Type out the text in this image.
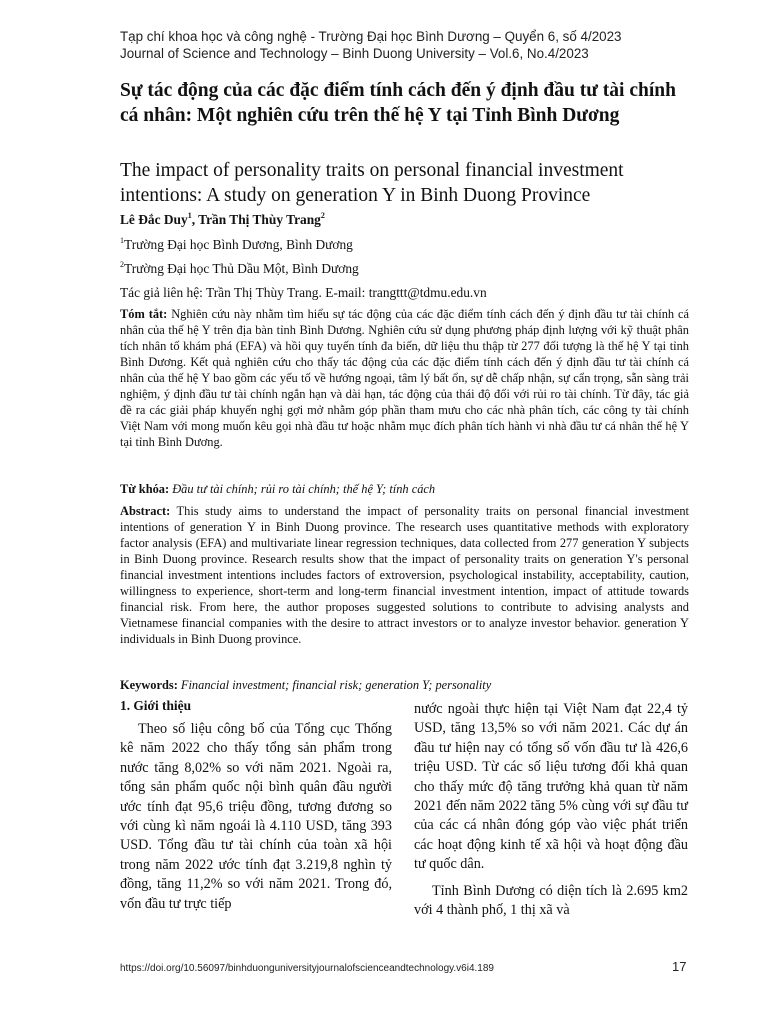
Tạp chí khoa học và công nghệ - Trường Đại học Bình Dương – Quyển 6, số 4/2023
Journal of Science and Technology – Binh Duong University – Vol.6, No.4/2023
Sự tác động của các đặc điểm tính cách đến ý định đầu tư tài chính cá nhân: Một nghiên cứu trên thế hệ Y tại Tỉnh Bình Dương
The impact of personality traits on personal financial investment intentions: A study on generation Y in Binh Duong Province
Lê Đắc Duy$^1$, Trần Thị Thùy Trang$^2$
$^1$Trường Đại học Bình Dương, Bình Dương
$^2$Trường Đại học Thủ Dầu Một, Bình Dương
Tác giả liên hệ: Trần Thị Thùy Trang. E-mail: trangttt@tdmu.edu.vn
Tóm tắt: Nghiên cứu này nhằm tìm hiểu sự tác động của các đặc điểm tính cách đến ý định đầu tư tài chính cá nhân của thế hệ Y trên địa bàn tỉnh Bình Dương. Nghiên cứu sử dụng phương pháp định lượng với kỹ thuật phân tích nhân tố khám phá (EFA) và hồi quy tuyến tính đa biến, dữ liệu thu thập từ 277 đối tượng là thế hệ Y tại tỉnh Bình Dương. Kết quả nghiên cứu cho thấy tác động của các đặc điểm tính cách đến ý định đầu tư tài chính cá nhân của thế hệ Y bao gồm các yếu tố về hướng ngoại, tâm lý bất ổn, sự dễ chấp nhận, sự cẩn trọng, sẵn sàng trải nghiệm, ý định đầu tư tài chính ngắn hạn và dài hạn, tác động của thái độ đối với rủi ro tài chính. Từ đây, tác giả đề ra các giải pháp khuyến nghị gợi mở nhằm góp phần tham mưu cho các nhà phân tích, các công ty tài chính Việt Nam với mong muốn kêu gọi nhà đầu tư hoặc nhằm mục đích phân tích hành vi nhà đầu tư cá nhân thế hệ Y tại tỉnh Bình Dương.
Từ khóa: Đầu tư tài chính; rủi ro tài chính; thế hệ Y; tính cách
Abstract: This study aims to understand the impact of personality traits on personal financial investment intentions of generation Y in Binh Duong province. The research uses quantitative methods with exploratory factor analysis (EFA) and multivariate linear regression techniques, data collected from 277 generation Y subjects in Binh Duong province. Research results show that the impact of personality traits on generation Y's personal financial investment intentions includes factors of extroversion, psychological instability, acceptability, caution, willingness to experience, short-term and long-term financial investment intention, impact of attitude towards financial risk. From here, the author proposes suggested solutions to contribute to advising analysts and Vietnamese financial companies with the desire to attract investors or to analyze investor behavior. generation Y individuals in Binh Duong province.
Keywords: Financial investment; financial risk; generation Y; personality
1. Giới thiệu

Theo số liệu công bố của Tổng cục Thống kê năm 2022 cho thấy tổng sản phẩm trong nước tăng 8,02% so với năm 2021. Ngoài ra, tổng sản phẩm quốc nội bình quân đầu người ước tính đạt 95,6 triệu đồng, tương đương so với cùng kì năm ngoái là 4.110 USD, tăng 393 USD. Tổng đầu tư tài chính của toàn xã hội trong năm 2022 ước tính đạt 3.219,8 nghìn tỷ đồng, tăng 11,2% so với năm 2021. Trong đó, vốn đầu tư trực tiếp

nước ngoài thực hiện tại Việt Nam đạt 22,4 tỷ USD, tăng 13,5% so với năm 2021. Các dự án đầu tư hiện nay có tổng số vốn đầu tư là 426,6 triệu USD. Từ các số liệu tương đối khả quan cho thấy mức độ tăng trưởng khả quan từ năm 2021 đến năm 2022 tăng 5% cùng với sự đầu tư của các cá nhân đóng góp vào việc phát triển các hoạt động kinh tế xã hội và hoạt động đầu tư quốc dân.

Tỉnh Bình Dương có diện tích là 2.695 km2 với 4 thành phố, 1 thị xã và

https://doi.org/10.56097/binhduonguniversityjournalofscienceandtechnology.v6i4.189	17
